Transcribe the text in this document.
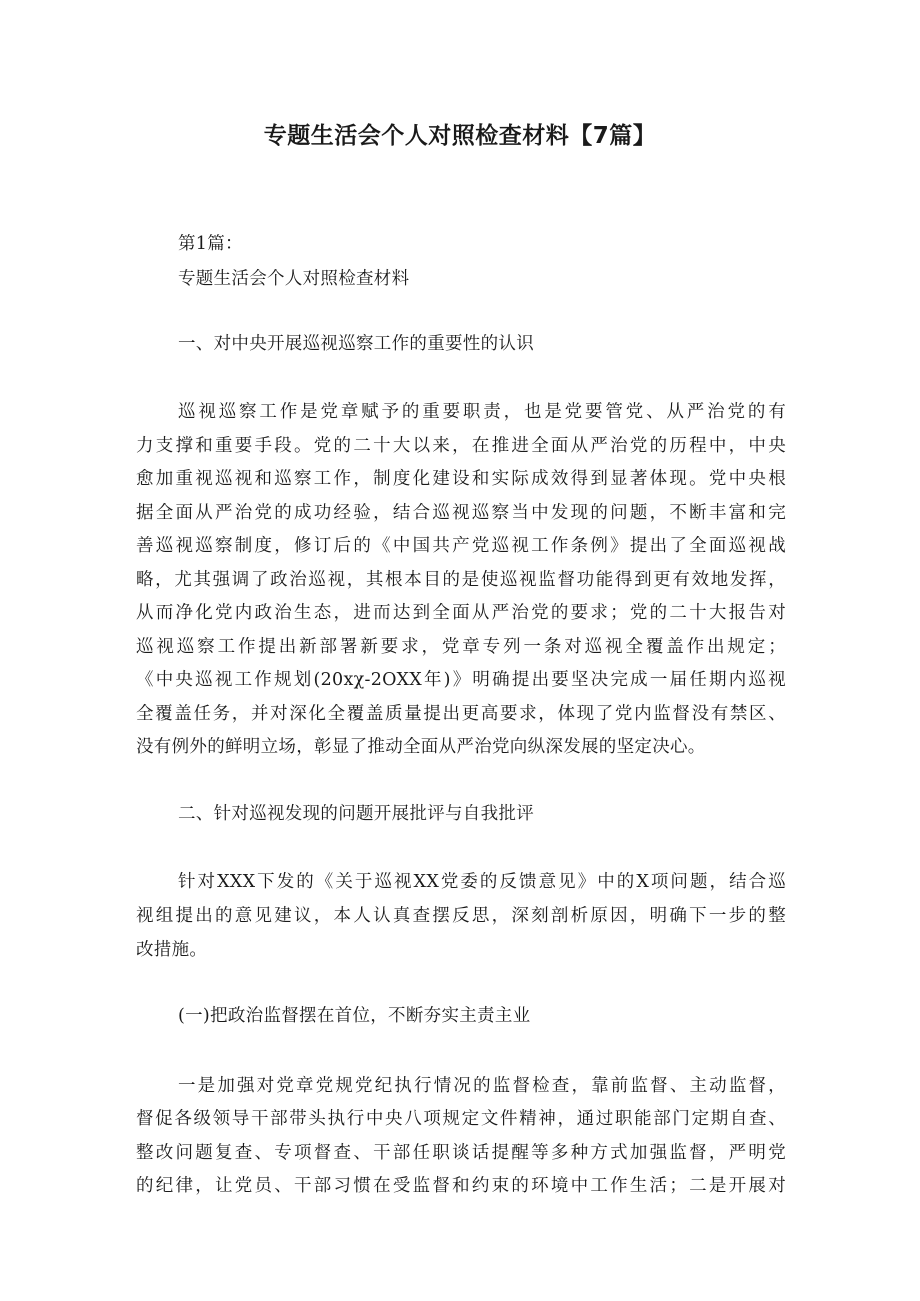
专题生活会个人对照检查材料【7篇】
第1篇：
专题生活会个人对照检查材料
一、对中央开展巡视巡察工作的重要性的认识
巡视巡察工作是党章赋予的重要职责，也是党要管党、从严治党的有
力支撑和重要手段。党的二十大以来，在推进全面从严治党的历程中，中央
愈加重视巡视和巡察工作，制度化建设和实际成效得到显著体现。党中央根
据全面从严治党的成功经验，结合巡视巡察当中发现的问题，不断丰富和完
善巡视巡察制度，修订后的《中国共产党巡视工作条例》提出了全面巡视战
略，尤其强调了政治巡视，其根本目的是使巡视监督功能得到更有效地发挥，
从而净化党内政治生态，进而达到全面从严治党的要求；党的二十大报告对
巡视巡察工作提出新部署新要求，党章专列一条对巡视全覆盖作出规定；
《中央巡视工作规划(20xχ-2OXX年)》明确提出要坚决完成一届任期内巡视
全覆盖任务，并对深化全覆盖质量提出更高要求，体现了党内监督没有禁区、
没有例外的鲜明立场，彰显了推动全面从严治党向纵深发展的坚定决心。
二、针对巡视发现的问题开展批评与自我批评
针对XXX下发的《关于巡视XX党委的反馈意见》中的X项问题，结合巡
视组提出的意见建议，本人认真查摆反思，深刻剖析原因，明确下一步的整
改措施。
(一)把政治监督摆在首位，不断夯实主责主业
一是加强对党章党规党纪执行情况的监督检查，靠前监督、主动监督，
督促各级领导干部带头执行中央八项规定文件精神，通过职能部门定期自查、
整改问题复查、专项督查、干部任职谈话提醒等多种方式加强监督，严明党
的纪律，让党员、干部习惯在受监督和约束的环境中工作生活；二是开展对
